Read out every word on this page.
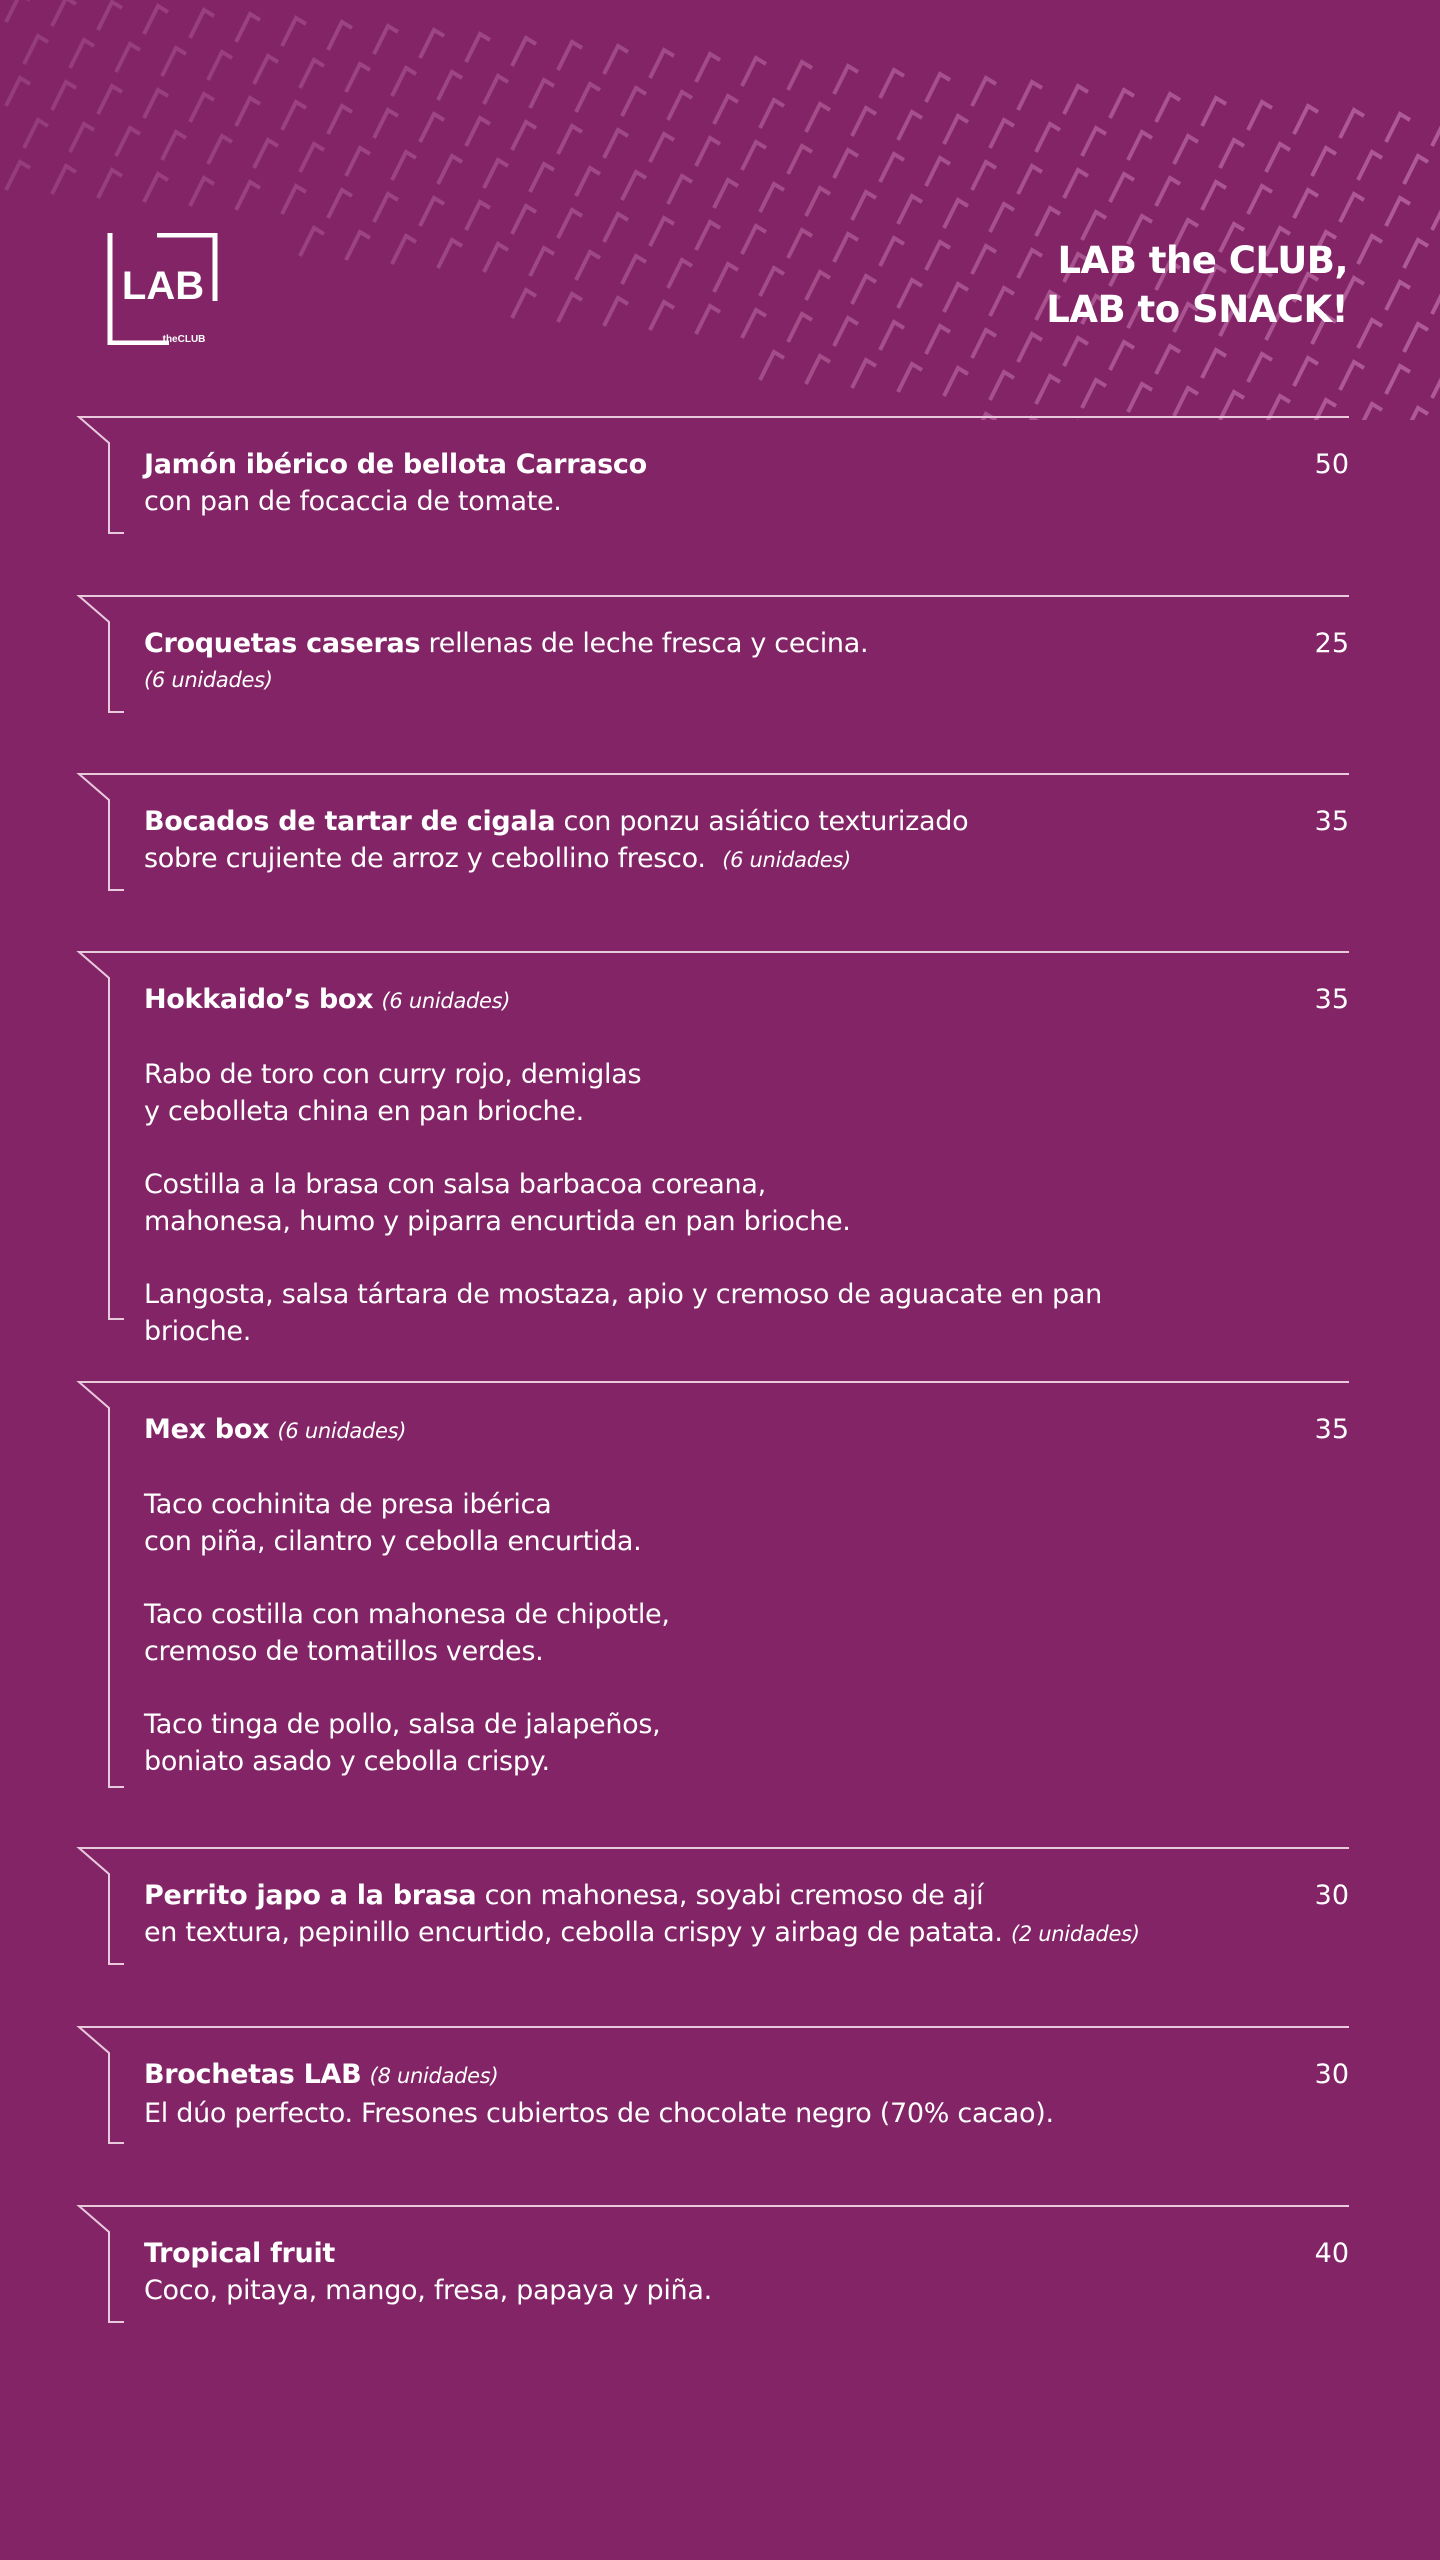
LAB
theCLUB
LAB the CLUB,
LAB to SNACK!
Jamón ibérico de bellota Carrasco
con pan de focaccia de tomate.
50
Croquetas caseras rellenas de leche fresca y cecina.
(6 unidades)
25
Bocados de tartar de cigala con ponzu asiático texturizado
sobre crujiente de arroz y cebollino fresco. (6 unidades)
35
Hokkaido’s box (6 unidades)
Rabo de toro con curry rojo, demiglas
y cebolleta china en pan brioche.
Costilla a la brasa con salsa barbacoa coreana,
mahonesa, humo y piparra encurtida en pan brioche.
Langosta, salsa tártara de mostaza, apio y cremoso de aguacate en pan brioche.
35
Mex box (6 unidades)
Taco cochinita de presa ibérica
con piña, cilantro y cebolla encurtida.
Taco costilla con mahonesa de chipotle,
cremoso de tomatillos verdes.
Taco tinga de pollo, salsa de jalapeños,
boniato asado y cebolla crispy.
35
Perrito japo a la brasa con mahonesa, soyabi cremoso de ají
en textura, pepinillo encurtido, cebolla crispy y airbag de patata. (2 unidades)
30
Brochetas LAB (8 unidades)
El dúo perfecto. Fresones cubiertos de chocolate negro (70% cacao).
30
Tropical fruit
Coco, pitaya, mango, fresa, papaya y piña.
40
